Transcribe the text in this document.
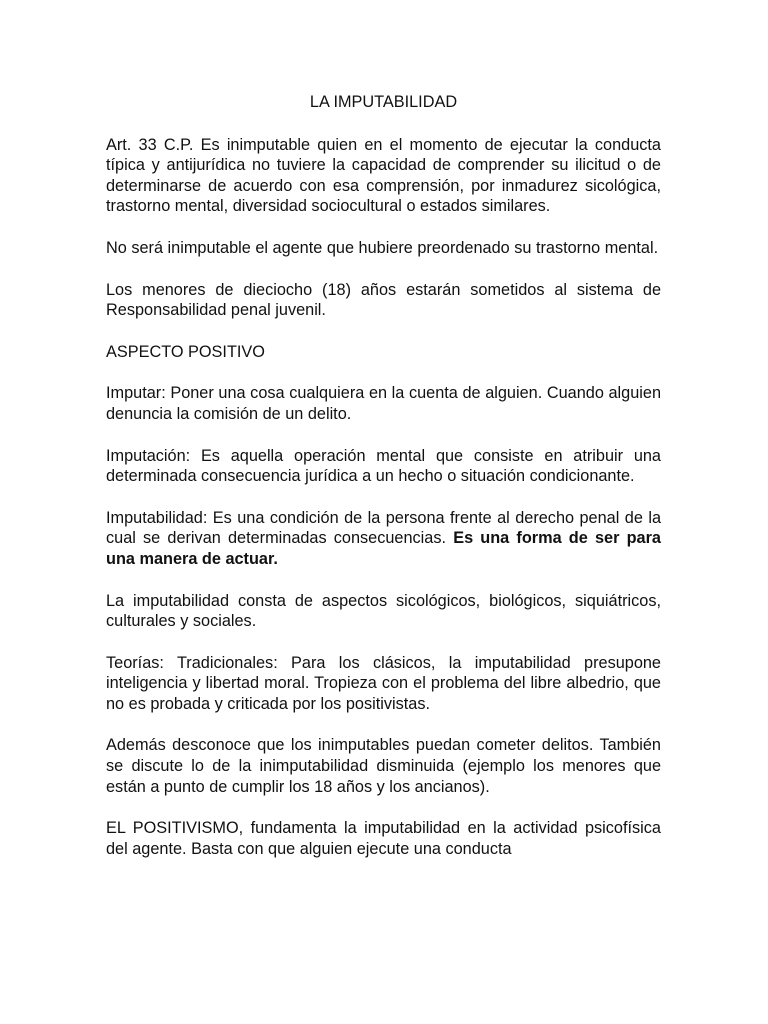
LA IMPUTABILIDAD

Art. 33 C.P. Es inimputable quien en el momento de ejecutar la conducta típica y antijurídica no tuviere la capacidad de comprender su ilicitud o de determinarse de acuerdo con esa comprensión, por inmadurez sicológica, trastorno mental, diversidad sociocultural o estados similares.

No será inimputable el agente que hubiere preordenado su trastorno mental.

Los menores de dieciocho (18) años estarán sometidos al sistema de Responsabilidad penal juvenil.

ASPECTO POSITIVO

Imputar: Poner una cosa cualquiera en la cuenta de alguien. Cuando alguien denuncia la comisión de un delito.

Imputación: Es aquella operación mental que consiste en atribuir una determinada consecuencia jurídica a un hecho o situación condicionante.

Imputabilidad: Es una condición de la persona frente al derecho penal de la cual se derivan determinadas consecuencias. Es una forma de ser para una manera de actuar.

La imputabilidad consta de aspectos sicológicos, biológicos, siquiátricos, culturales y sociales.

Teorías: Tradicionales: Para los clásicos, la imputabilidad presupone inteligencia y libertad moral. Tropieza con el problema del libre albedrio, que no es probada y criticada por los positivistas.

Además desconoce que los inimputables puedan cometer delitos. También se discute lo de la inimputabilidad disminuida (ejemplo los menores que están a punto de cumplir los 18 años y los ancianos).

EL POSITIVISMO, fundamenta la imputabilidad en la actividad psicofísica del agente. Basta con que alguien ejecute una conducta
